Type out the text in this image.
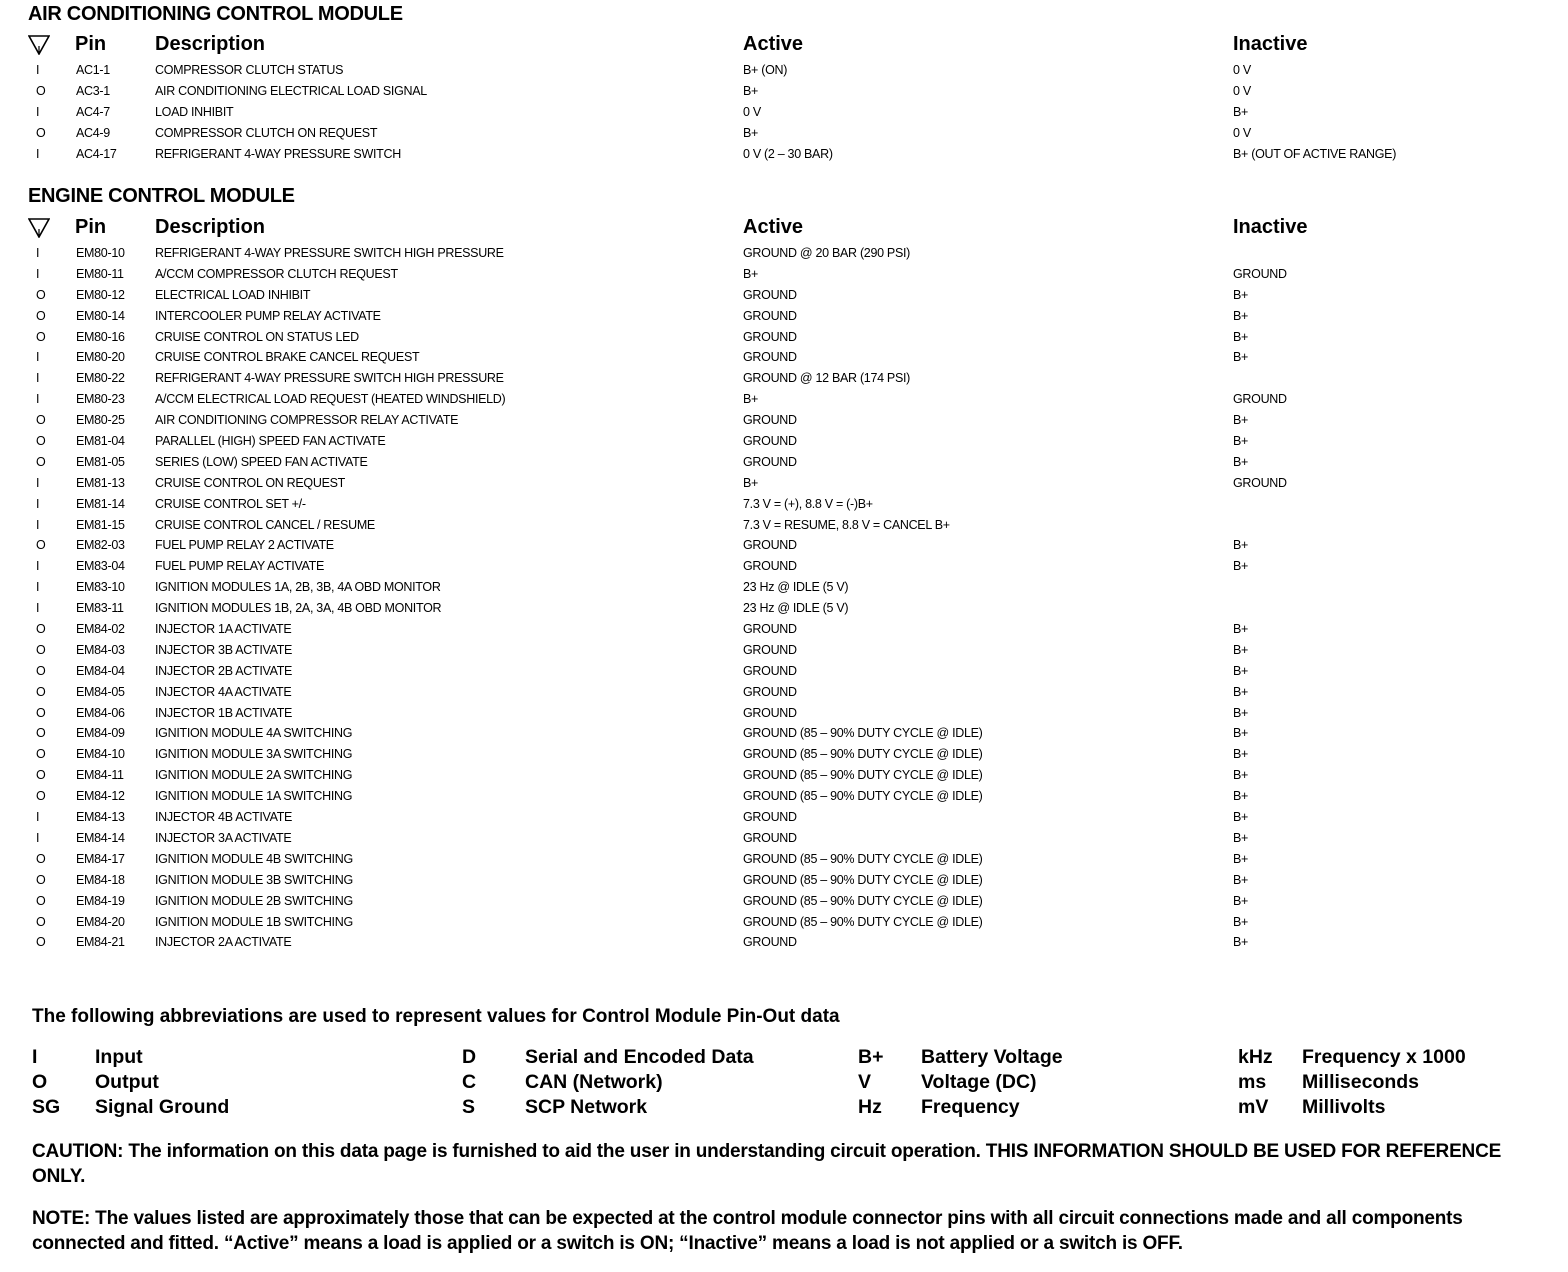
AIR CONDITIONING CONTROL MODULE
Pin Description	Active	Inactive
I	AC1-1	COMPRESSOR CLUTCH STATUS	B+ (ON)	0 V
O AC3-1	AIR CONDITIONING ELECTRICAL LOAD SIGNAL	B+	0 V
I	AC4-7	LOAD INHIBIT	0 V	B+
O AC4-9	COMPRESSOR CLUTCH ON REQUEST	B+	0 V
I	AC4-17	REFRIGERANT 4-WAY PRESSURE SWITCH	0 V (2 – 30 BAR)	B+ (OUT OF ACTIVE RANGE)
ENGINE CONTROL MODULE
Pin Description	Active	Inactive
I	EM80-10 REFRIGERANT 4-WAY PRESSURE SWITCH HIGH PRESSURE	GROUND @ 20 BAR (290 PSI)
I	EM80-11	A/CCM COMPRESSOR CLUTCH REQUEST	B+	GROUND
O EM80-12 ELECTRICAL LOAD INHIBIT	GROUND	B+
O EM80-14 INTERCOOLER PUMP RELAY ACTIVATE	GROUND	B+
O EM80-16 CRUISE CONTROL ON STATUS LED	GROUND	B+
I	EM80-20 CRUISE CONTROL BRAKE CANCEL REQUEST	GROUND	B+
I	EM80-22 REFRIGERANT 4-WAY PRESSURE SWITCH HIGH PRESSURE	GROUND @ 12 BAR (174 PSI)
I	EM80-23 A/CCM ELECTRICAL LOAD REQUEST (HEATED WINDSHIELD)	B+	GROUND
O EM80-25 AIR CONDITIONING COMPRESSOR RELAY ACTIVATE	GROUND	B+
O EM81-04 PARALLEL (HIGH) SPEED FAN ACTIVATE	GROUND	B+
O EM81-05 SERIES (LOW) SPEED FAN ACTIVATE	GROUND	B+
I	EM81-13 CRUISE CONTROL ON REQUEST	B+	GROUND
I	EM81-14 CRUISE CONTROL SET +/-	7.3 V = (+), 8.8 V = (-)B+
I	EM81-15 CRUISE CONTROL CANCEL / RESUME	7.3 V = RESUME, 8.8 V = CANCEL B+
O EM82-03 FUEL PUMP RELAY 2 ACTIVATE	GROUND	B+
I	EM83-04 FUEL PUMP RELAY ACTIVATE	GROUND	B+
I	EM83-10 IGNITION MODULES 1A, 2B, 3B, 4A OBD MONITOR	23 Hz @ IDLE (5 V)
I	EM83-11	IGNITION MODULES 1B, 2A, 3A, 4B OBD MONITOR	23 Hz @ IDLE (5 V)
O EM84-02 INJECTOR 1A ACTIVATE	GROUND	B+
O EM84-03 INJECTOR 3B ACTIVATE	GROUND	B+
O EM84-04 INJECTOR 2B ACTIVATE	GROUND	B+
O EM84-05 INJECTOR 4A ACTIVATE	GROUND	B+
O EM84-06 INJECTOR 1B ACTIVATE	GROUND	B+
O EM84-09 IGNITION MODULE 4A SWITCHING	GROUND (85 – 90% DUTY CYCLE @ IDLE)	B+
O EM84-10 IGNITION MODULE 3A SWITCHING	GROUND (85 – 90% DUTY CYCLE @ IDLE)	B+
O EM84-11	IGNITION MODULE 2A SWITCHING	GROUND (85 – 90% DUTY CYCLE @ IDLE)	B+
O EM84-12 IGNITION MODULE 1A SWITCHING	GROUND (85 – 90% DUTY CYCLE @ IDLE)	B+
I	EM84-13 INJECTOR 4B ACTIVATE	GROUND	B+
I	EM84-14 INJECTOR 3A ACTIVATE	GROUND	B+
O EM84-17 IGNITION MODULE 4B SWITCHING	GROUND (85 – 90% DUTY CYCLE @ IDLE)	B+
O EM84-18 IGNITION MODULE 3B SWITCHING	GROUND (85 – 90% DUTY CYCLE @ IDLE)	B+
O EM84-19 IGNITION MODULE 2B SWITCHING	GROUND (85 – 90% DUTY CYCLE @ IDLE)	B+
O EM84-20 IGNITION MODULE 1B SWITCHING	GROUND (85 – 90% DUTY CYCLE @ IDLE)	B+
O EM84-21 INJECTOR 2A ACTIVATE	GROUND	B+
The following abbreviations are used to represent values for Control Module Pin-Out data
I	Input	D	Serial and Encoded Data	B+ Battery Voltage	kHz Frequency x 1000
O Output	C	CAN (Network)	V	Voltage (DC)	ms Milliseconds
SG Signal Ground	S	SCP Network	Hz Frequency	mV Millivolts
CAUTION: The information on this data page is furnished to aid the user in understanding circuit operation. THIS INFORMATION SHOULD BE USED FOR REFERENCE ONLY.
NOTE: The values listed are approximately those that can be expected at the control module connector pins with all circuit connections made and all components connected and fitted. “Active” means a load is applied or a switch is ON; “Inactive” means a load is not applied or a switch is OFF.
